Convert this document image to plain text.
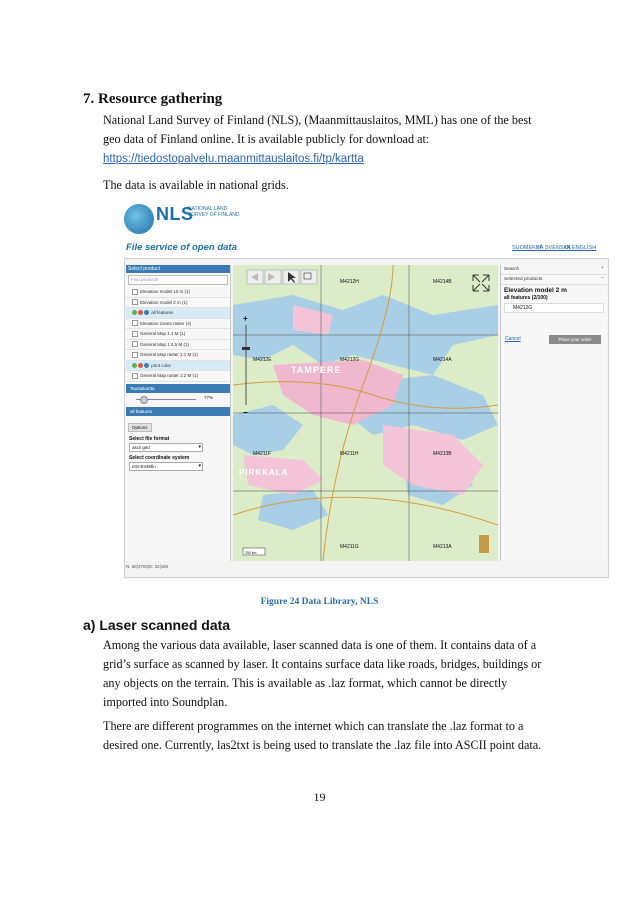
7. Resource gathering
National Land Survey of Finland (NLS), (Maanmittauslaitos, MML) has one of the best
geo data of Finland online. It is available publicly for download at:
https://tiedostopalvelu.maanmittauslaitos.fi/tp/kartta
The data is available in national grids.
NLS
NATIONAL LAND SURVEY OF FINLAND
File service of open data	SUOMEKSI
PÅ SVENSKA
IN ENGLISH
Select product
Find products
Elevation model 10 m (1)
Elevation model 2 m (1)
all features
Elevation zones raster (4)
General Map 1:1 M (1)
General Map 1:4,5 M (1)
General Map raster 1:1 M (1)
print color
General Map raster 1:2 M (1)
Taustakartta
77%
all features
Options
Select file format
ascii grid ▾
Select coordinate system
etrs-tm35fin ▾
M4212H	M4214B
M4212G	M4214A
M4212E
M4211F	M4211H	M4213B
M4211G	M4213A
TAMPERE
PIRKKALA
+
−
250 km
Search	+
Selected products	−
Elevation model 2 m
all features (2/100)
M4212G
Cancel	Place your order
N: 68¦4704¦E: 32¦x68
Figure 24 Data Library, NLS
a) Laser scanned data
Among the various data available, laser scanned data is one of them. It contains data of a
grid’s surface as scanned by laser. It contains surface data like roads, bridges, buildings or
any objects on the terrain. This is available as .laz format, which cannot be directly
imported into Soundplan.
There are different programmes on the internet which can translate the .laz format to a
desired one. Currently, las2txt is being used to translate the .laz file into ASCII point data.
19
